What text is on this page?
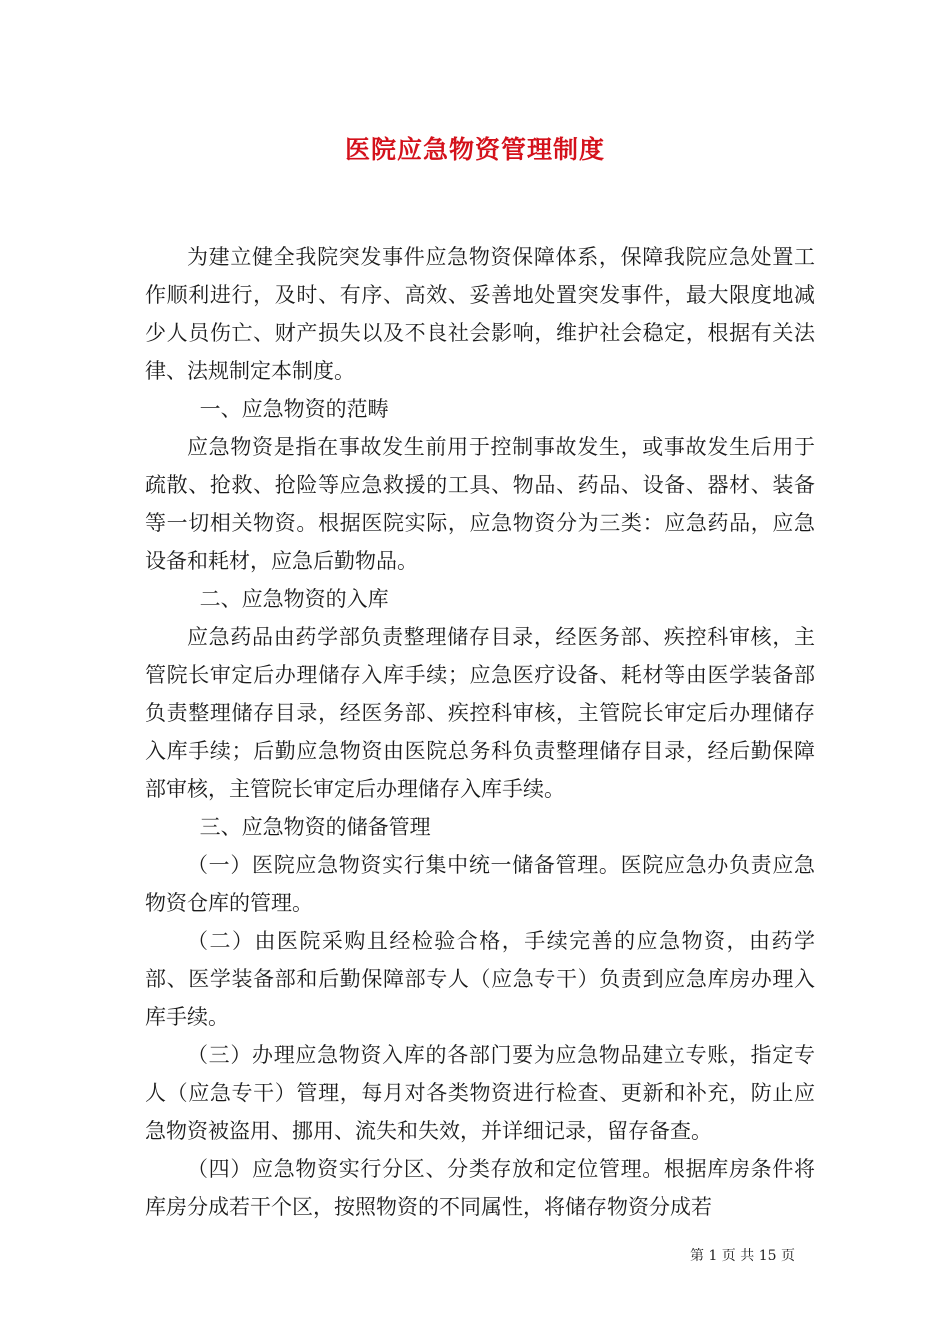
医院应急物资管理制度

为建立健全我院突发事件应急物资保障体系，保障我院应急处置工作顺利进行，及时、有序、高效、妥善地处置突发事件，最大限度地减少人员伤亡、财产损失以及不良社会影响，维护社会稳定，根据有关法律、法规制定本制度。

一、应急物资的范畴

应急物资是指在事故发生前用于控制事故发生，或事故发生后用于疏散、抢救、抢险等应急救援的工具、物品、药品、设备、器材、装备等一切相关物资。根据医院实际，应急物资分为三类：应急药品，应急设备和耗材，应急后勤物品。

二、应急物资的入库

应急药品由药学部负责整理储存目录，经医务部、疾控科审核，主管院长审定后办理储存入库手续；应急医疗设备、耗材等由医学装备部负责整理储存目录，经医务部、疾控科审核，主管院长审定后办理储存入库手续；后勤应急物资由医院总务科负责整理储存目录，经后勤保障部审核，主管院长审定后办理储存入库手续。

三、应急物资的储备管理

（一）医院应急物资实行集中统一储备管理。医院应急办负责应急物资仓库的管理。

（二）由医院采购且经检验合格，手续完善的应急物资，由药学部、医学装备部和后勤保障部专人（应急专干）负责到应急库房办理入库手续。

（三）办理应急物资入库的各部门要为应急物品建立专账，指定专人（应急专干）管理，每月对各类物资进行检查、更新和补充，防止应急物资被盗用、挪用、流失和失效，并详细记录，留存备查。

（四）应急物资实行分区、分类存放和定位管理。根据库房条件将库房分成若干个区，按照物资的不同属性，将储存物资分成若

第 1 页 共 15 页
